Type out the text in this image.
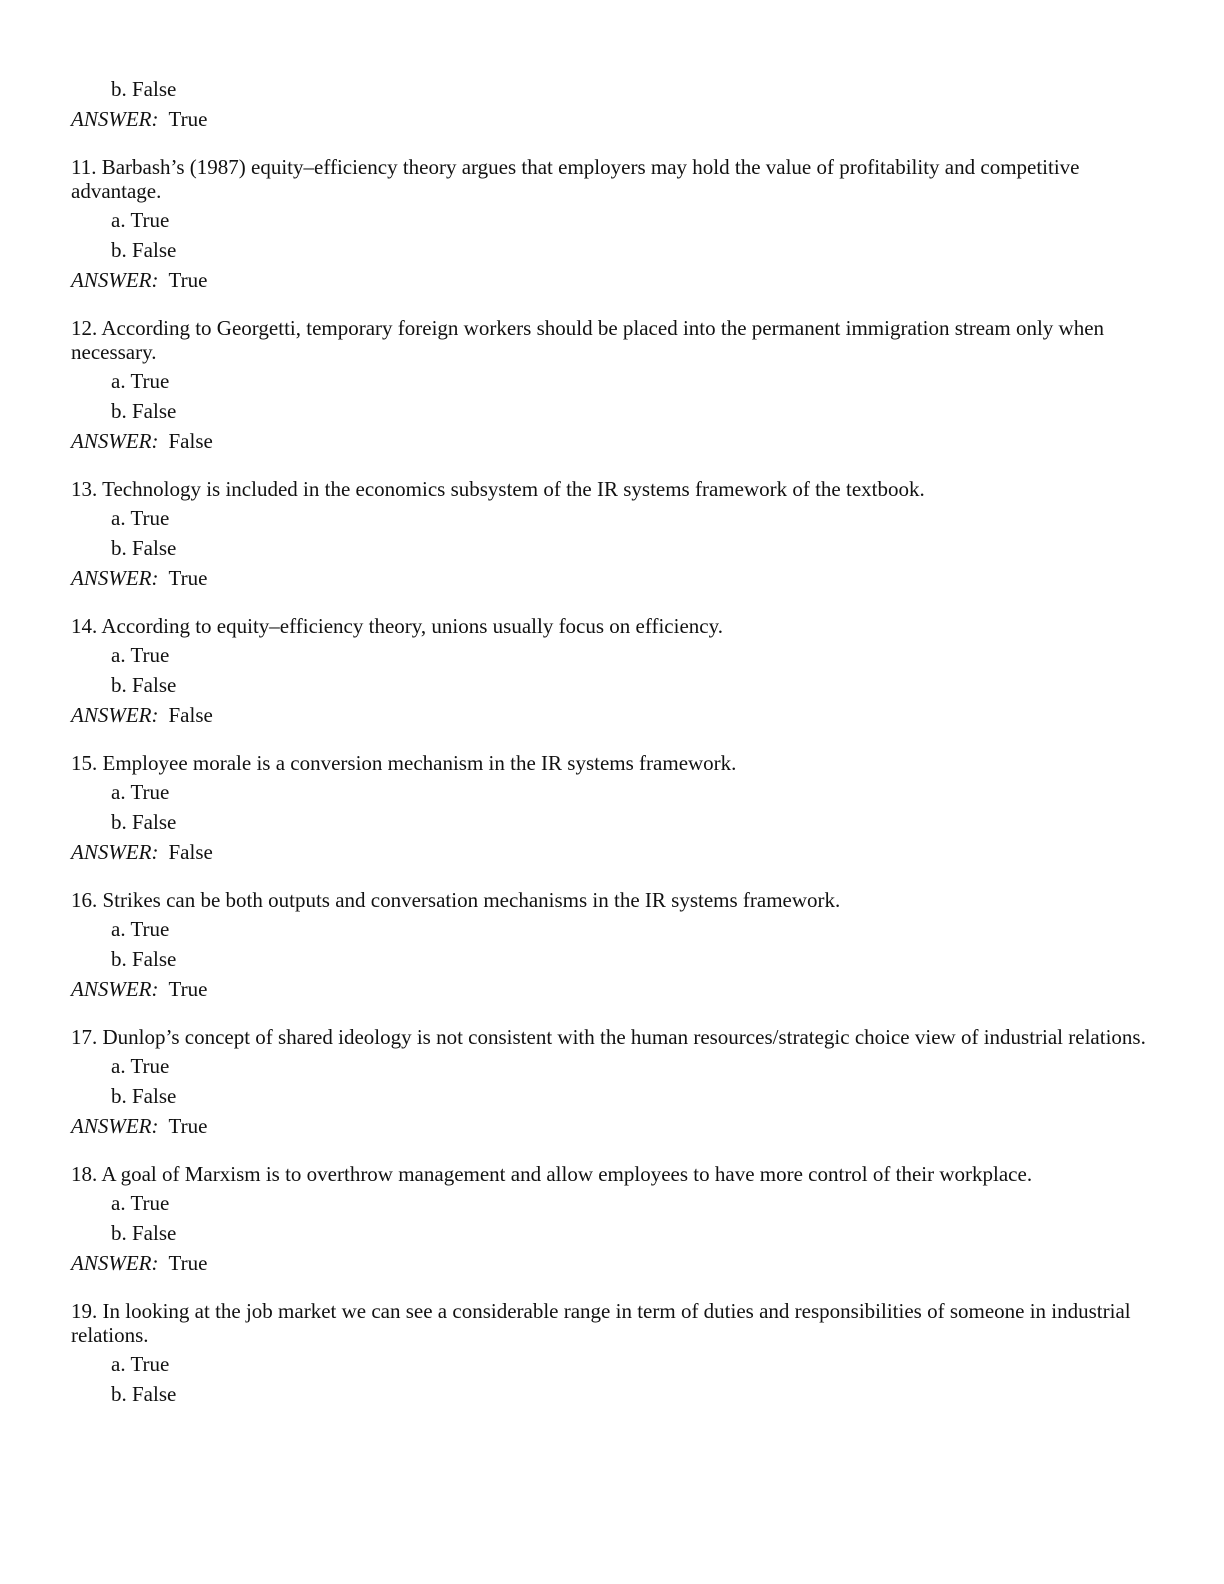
b. False

ANSWER: True

11. Barbash’s (1987) equity–efficiency theory argues that employers may hold the value of profitability and competitive advantage.

a. True

b. False

ANSWER: True

12. According to Georgetti, temporary foreign workers should be placed into the permanent immigration stream only when necessary.

a. True

b. False

ANSWER: False

13. Technology is included in the economics subsystem of the IR systems framework of the textbook.

a. True

b. False

ANSWER: True

14. According to equity–efficiency theory, unions usually focus on efficiency.

a. True

b. False

ANSWER: False

15. Employee morale is a conversion mechanism in the IR systems framework.

a. True

b. False

ANSWER: False

16. Strikes can be both outputs and conversation mechanisms in the IR systems framework.

a. True

b. False

ANSWER: True

17. Dunlop’s concept of shared ideology is not consistent with the human resources/strategic choice view of industrial relations.

a. True

b. False

ANSWER: True

18. A goal of Marxism is to overthrow management and allow employees to have more control of their workplace.

a. True

b. False

ANSWER: True

19. In looking at the job market we can see a considerable range in term of duties and responsibilities of someone in industrial relations.

a. True

b. False
